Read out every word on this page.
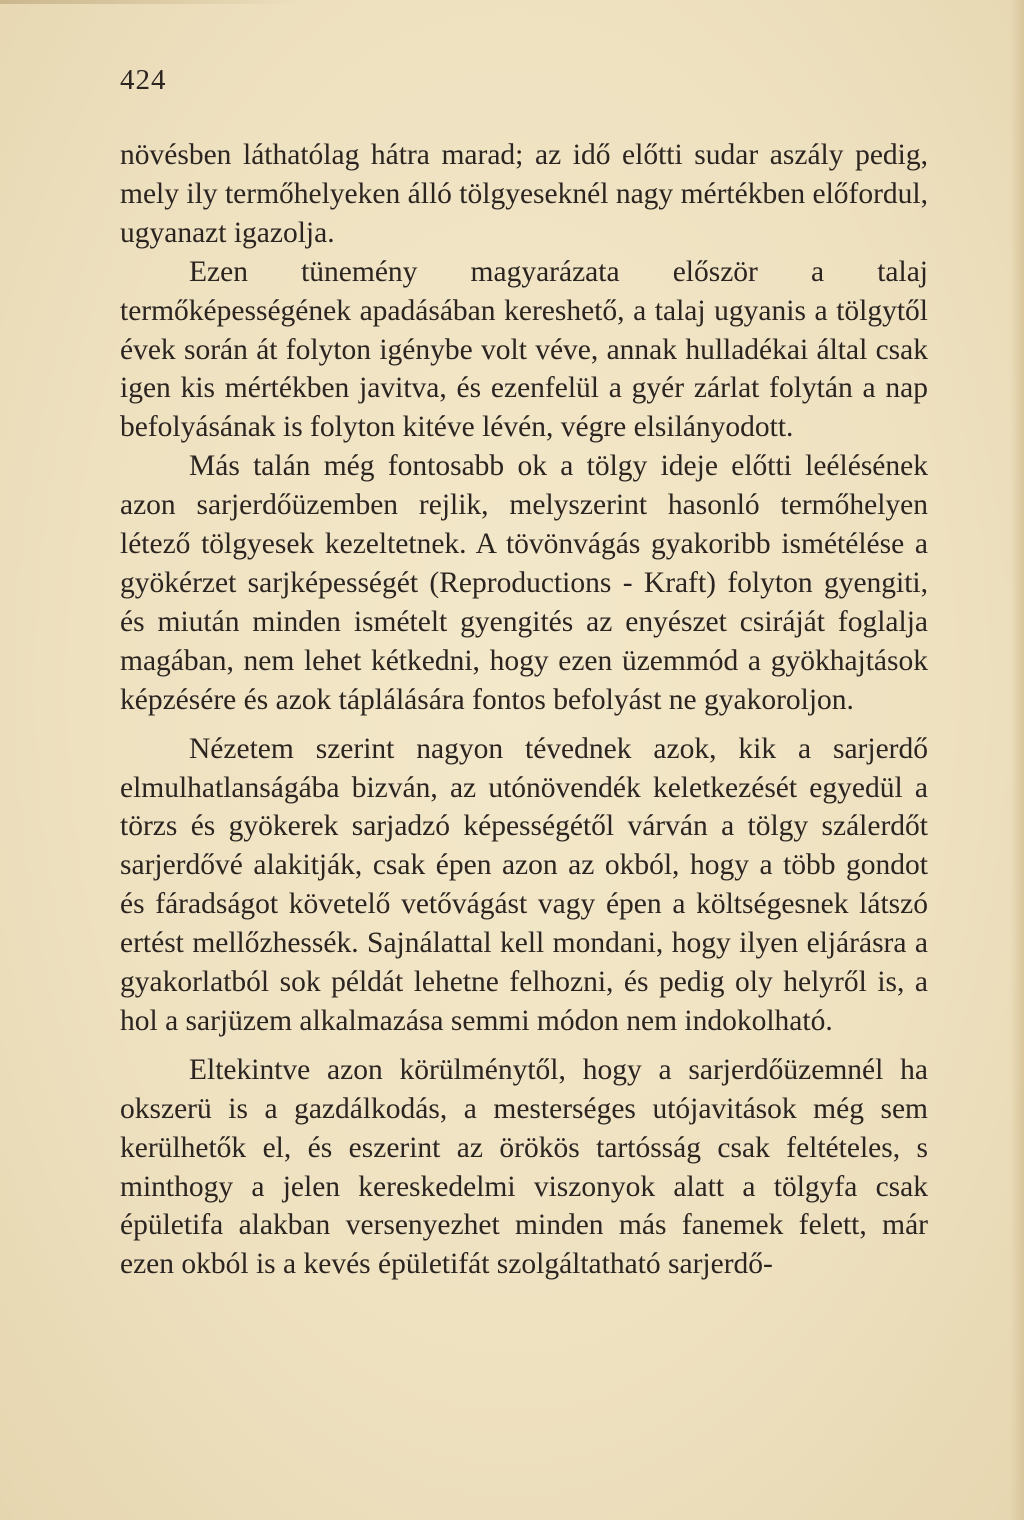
424

növésben láthatólag hátra marad; az idő előtti sudar aszály pedig, mely ily termőhelyeken álló tölgyeseknél nagy mértékben előfordul, ugyanazt igazolja.

Ezen tünemény magyarázata először a talaj termőképességének apadásában kereshető, a talaj ugyanis a tölgytől évek során át folyton igénybe volt véve, annak hulladékai által csak igen kis mértékben javitva, és ezenfelül a gyér zárlat folytán a nap befolyásának is folyton kitéve lévén, végre elsilányodott.

Más talán még fontosabb ok a tölgy ideje előtti leélésének azon sarjerdőüzemben rejlik, melyszerint hasonló termőhelyen létező tölgyesek kezeltetnek. A tövönvágás gyakoribb ismétélése a gyökérzet sarjképességét (Reproductions - Kraft) folyton gyengiti, és miután minden ismételt gyengités az enyészet csiráját foglalja magában, nem lehet kétkedni, hogy ezen üzemmód a gyökhajtások képzésére és azok táplálására fontos befolyást ne gyakoroljon.

Nézetem szerint nagyon tévednek azok, kik a sarjerdő elmulhatlanságába bizván, az utónövendék keletkezését egyedül a törzs és gyökerek sarjadzó képességétől várván a tölgy szálerdőt sarjerdővé alakitják, csak épen azon az okból, hogy a több gondot és fáradságot követelő vetővágást vagy épen a költségesnek látszó ertést mellőzhessék. Sajnálattal kell mondani, hogy ilyen eljárásra a gyakorlatból sok példát lehetne felhozni, és pedig oly helyről is, a hol a sarjüzem alkalmazása semmi módon nem indokolható.

Eltekintve azon körülménytől, hogy a sarjerdőüzemnél ha okszerü is a gazdálkodás, a mesterséges utójavitások még sem kerülhetők el, és eszerint az örökös tartósság csak feltételes, s minthogy a jelen kereskedelmi viszonyok alatt a tölgyfa csak épületifa alakban versenyezhet minden más fanemek felett, már ezen okból is a kevés épületifát szolgáltatható sarjerdő-
